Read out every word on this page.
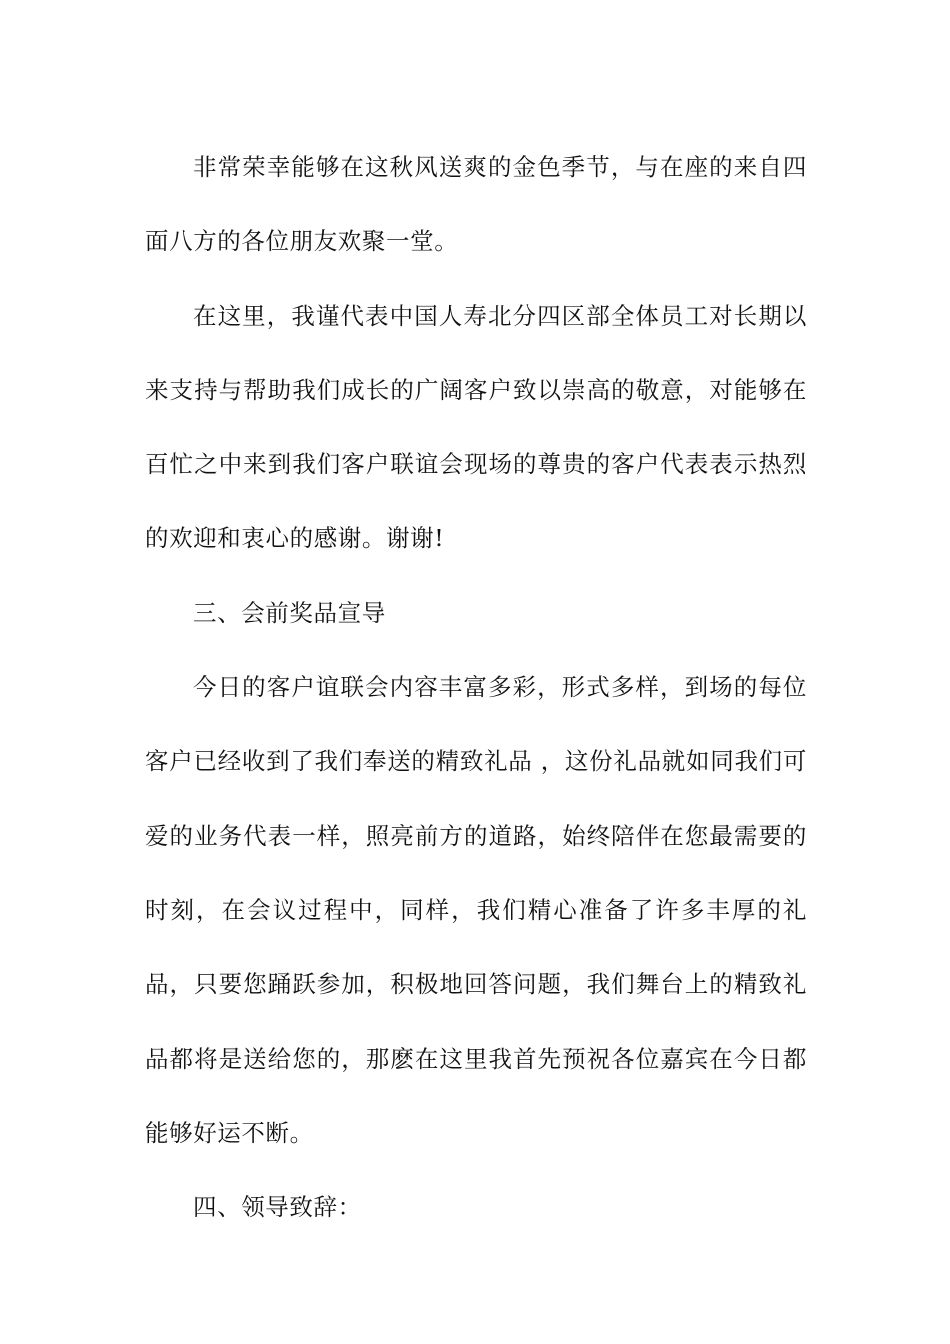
非常荣幸能够在这秋风送爽的金色季节，与在座的来自四面八方的各位朋友欢聚一堂。

在这里，我谨代表中国人寿北分四区部全体员工对长期以来支持与帮助我们成长的广阔客户致以崇高的敬意，对能够在百忙之中来到我们客户联谊会现场的尊贵的客户代表表示热烈的欢迎和衷心的感谢。谢谢!

三、会前奖品宣导

今日的客户谊联会内容丰富多彩，形式多样，到场的每位客户已经收到了我们奉送的精致礼品 ，这份礼品就如同我们可爱的业务代表一样，照亮前方的道路，始终陪伴在您最需要的时刻，在会议过程中，同样，我们精心准备了许多丰厚的礼品，只要您踊跃参加，积极地回答问题，我们舞台上的精致礼品都将是送给您的，那麽在这里我首先预祝各位嘉宾在今日都能够好运不断。

四、领导致辞：
